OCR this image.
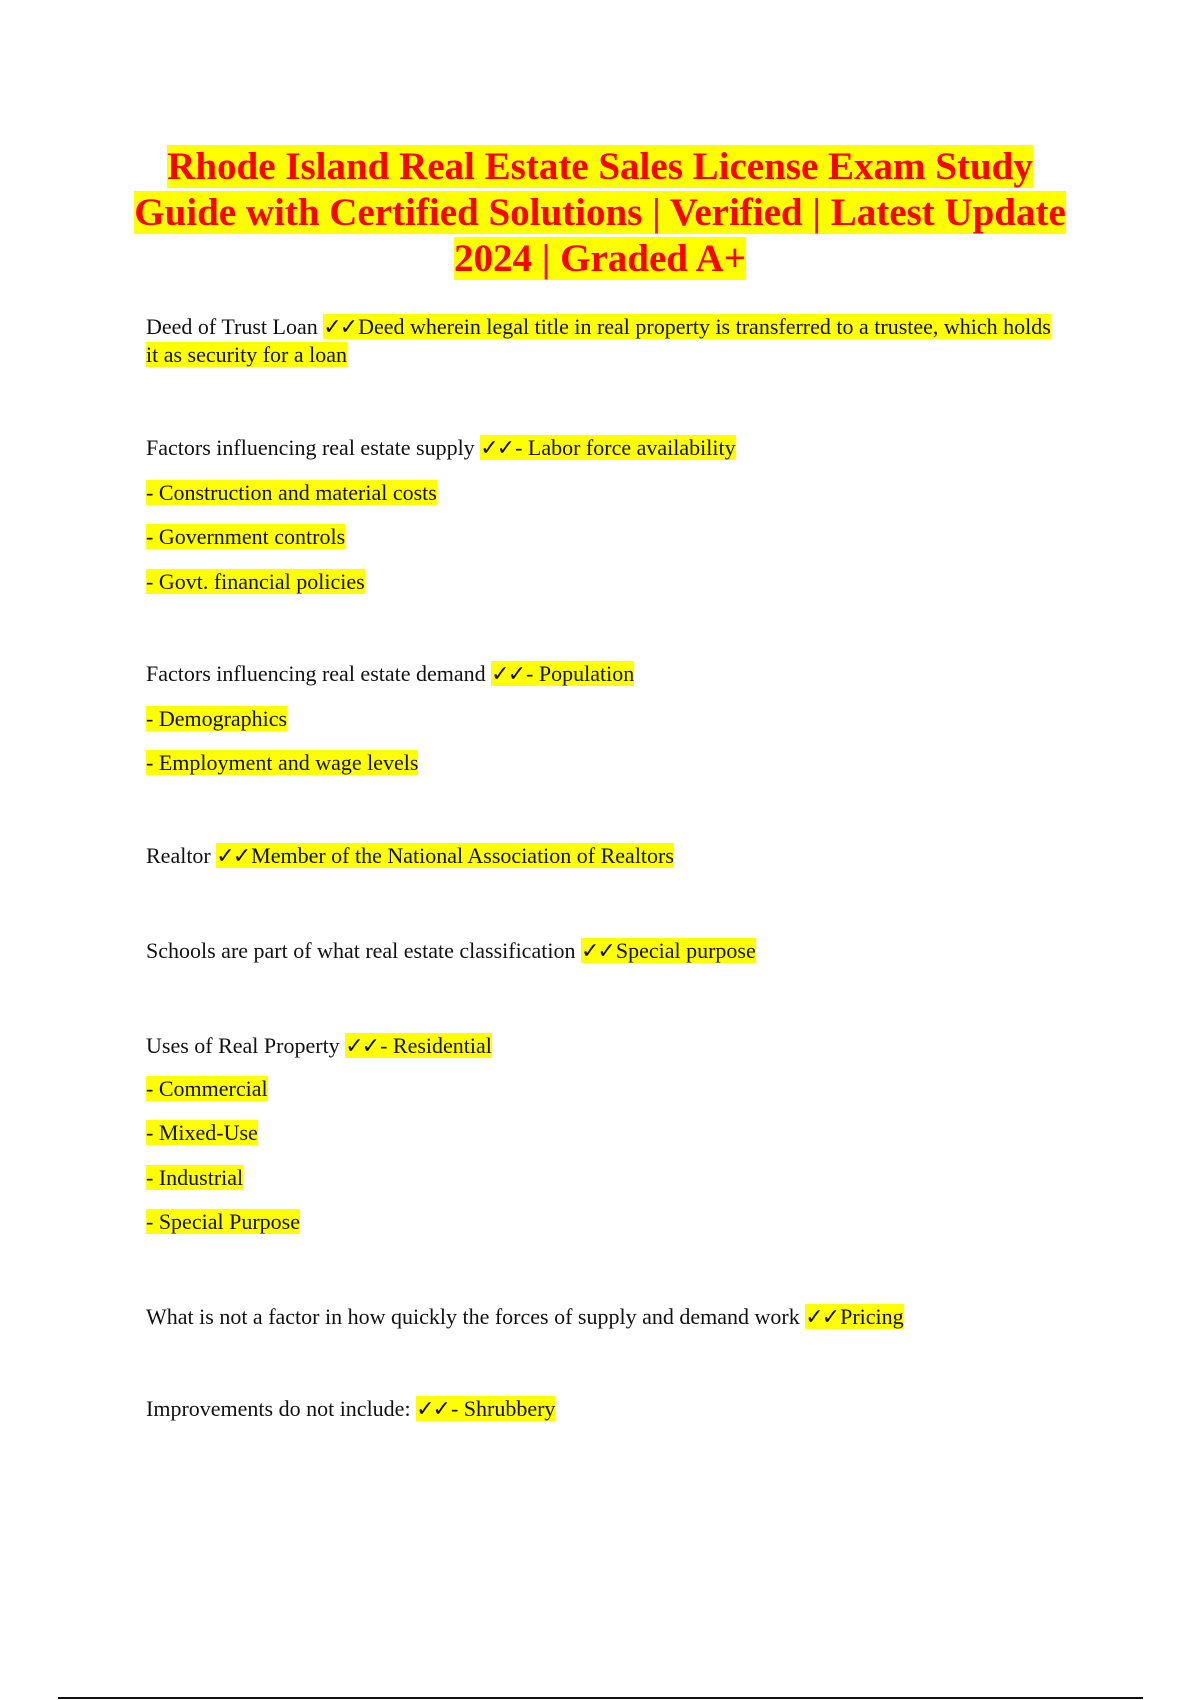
Rhode Island Real Estate Sales License Exam Study Guide with Certified Solutions | Verified | Latest Update 2024 | Graded A+
Deed of Trust Loan ✓✓Deed wherein legal title in real property is transferred to a trustee, which holds it as security for a loan
Factors influencing real estate supply ✓✓- Labor force availability
- Construction and material costs
- Government controls
- Govt. financial policies
Factors influencing real estate demand ✓✓- Population
- Demographics
- Employment and wage levels
Realtor ✓✓Member of the National Association of Realtors
Schools are part of what real estate classification ✓✓Special purpose
Uses of Real Property ✓✓- Residential
- Commercial
- Mixed-Use
- Industrial
- Special Purpose
What is not a factor in how quickly the forces of supply and demand work ✓✓Pricing
Improvements do not include: ✓✓- Shrubbery
